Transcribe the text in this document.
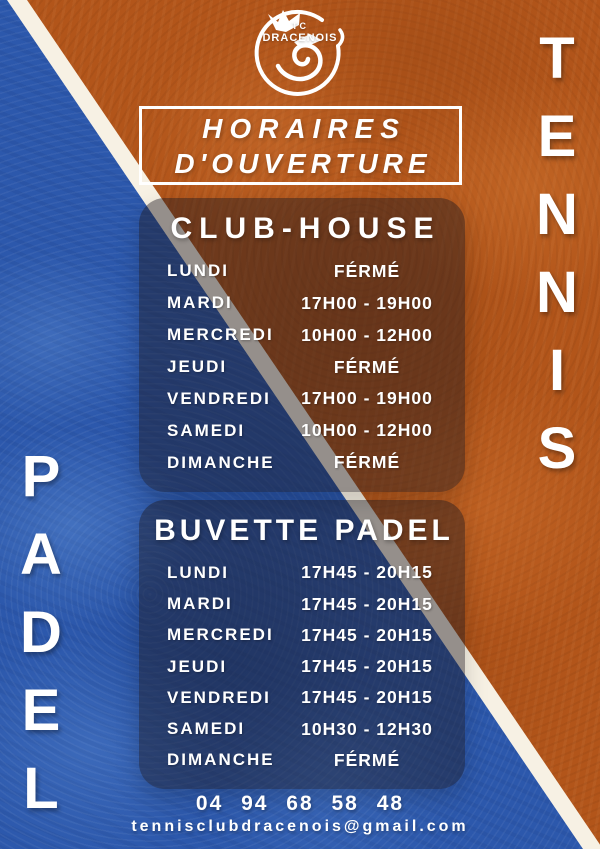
T
E
N
N
I
S
P
A
D
E
L
TC
DRACENOIS
HORAIRES
D'OUVERTURE
CLUB-HOUSE
LUNDI	FÉRMÉ
MARDI	17H00 - 19H00
MERCREDI	10H00 - 12H00
JEUDI	FÉRMÉ
VENDREDI	17H00 - 19H00
SAMEDI	10H00 - 12H00
DIMANCHE	FÉRMÉ
BUVETTE PADEL
LUNDI	17H45 - 20H15
MARDI	17H45 - 20H15
MERCREDI	17H45 - 20H15
JEUDI	17H45 - 20H15
VENDREDI	17H45 - 20H15
SAMEDI	10H30 - 12H30
DIMANCHE	FÉRMÉ
04 94 68 58 48
tennisclubdracenois@gmail.com
